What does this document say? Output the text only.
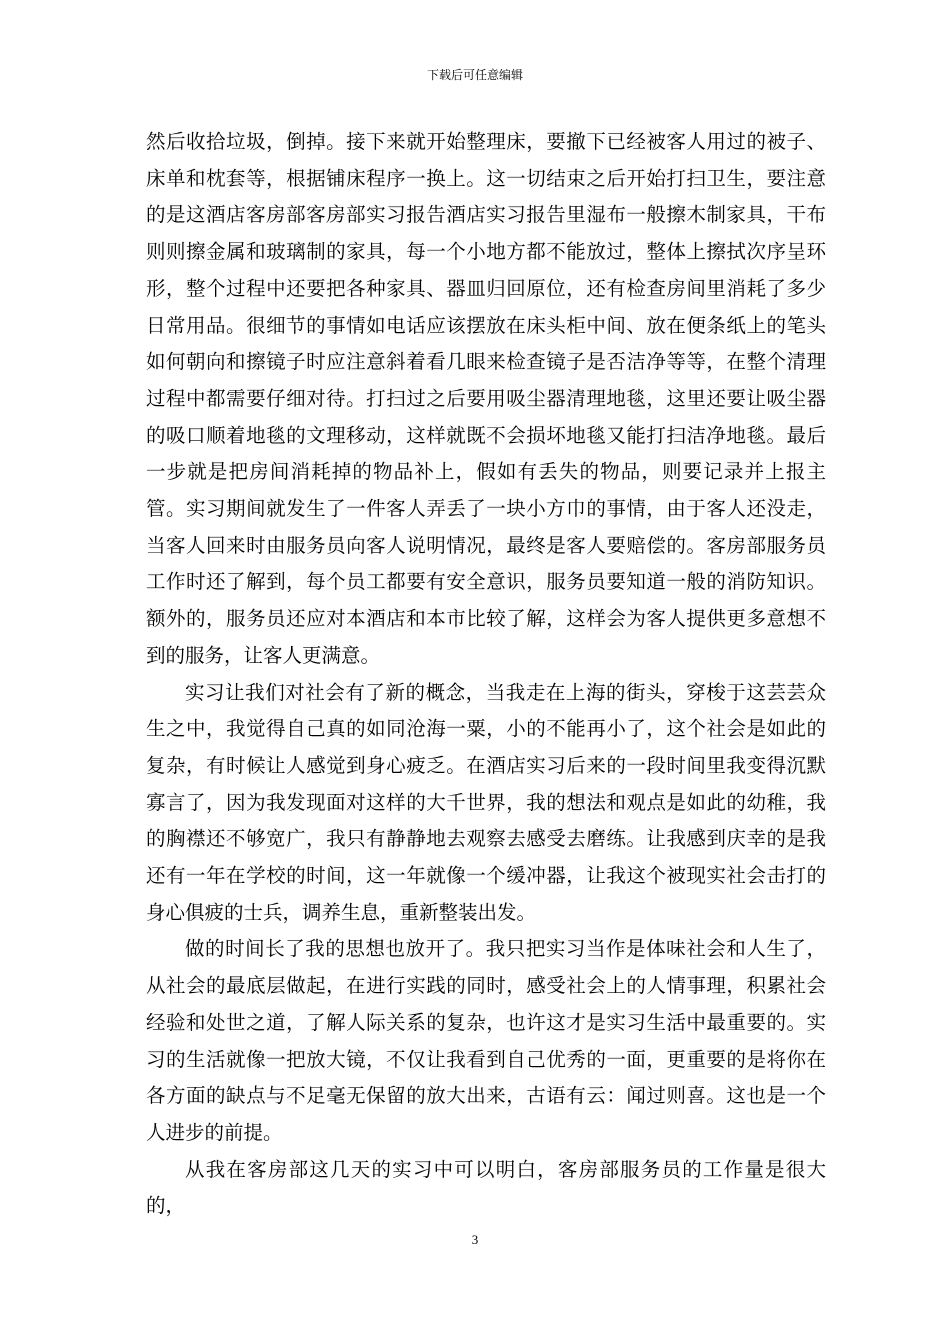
下载后可任意编辑

然后收拾垃圾，倒掉。接下来就开始整理床，要撤下已经被客人用过的被子、床单和枕套等，根据铺床程序一换上。这一切结束之后开始打扫卫生，要注意的是这酒店客房部客房部实习报告酒店实习报告里湿布一般擦木制家具，干布则则擦金属和玻璃制的家具，每一个小地方都不能放过，整体上擦拭次序呈环形，整个过程中还要把各种家具、器皿归回原位，还有检查房间里消耗了多少日常用品。很细节的事情如电话应该摆放在床头柜中间、放在便条纸上的笔头如何朝向和擦镜子时应注意斜着看几眼来检查镜子是否洁净等等，在整个清理过程中都需要仔细对待。打扫过之后要用吸尘器清理地毯，这里还要让吸尘器的吸口顺着地毯的文理移动，这样就既不会损坏地毯又能打扫洁净地毯。最后一步就是把房间消耗掉的物品补上，假如有丢失的物品，则要记录并上报主管。实习期间就发生了一件客人弄丢了一块小方巾的事情，由于客人还没走，当客人回来时由服务员向客人说明情况，最终是客人要赔偿的。客房部服务员工作时还了解到，每个员工都要有安全意识，服务员要知道一般的消防知识。额外的，服务员还应对本酒店和本市比较了解，这样会为客人提供更多意想不到的服务，让客人更满意。

实习让我们对社会有了新的概念，当我走在上海的街头，穿梭于这芸芸众生之中，我觉得自己真的如同沧海一粟，小的不能再小了，这个社会是如此的复杂，有时候让人感觉到身心疲乏。在酒店实习后来的一段时间里我变得沉默寡言了，因为我发现面对这样的大千世界，我的想法和观点是如此的幼稚，我的胸襟还不够宽广，我只有静静地去观察去感受去磨练。让我感到庆幸的是我还有一年在学校的时间，这一年就像一个缓冲器，让我这个被现实社会击打的身心俱疲的士兵，调养生息，重新整装出发。

做的时间长了我的思想也放开了。我只把实习当作是体味社会和人生了，从社会的最底层做起，在进行实践的同时，感受社会上的人情事理，积累社会经验和处世之道，了解人际关系的复杂，也许这才是实习生活中最重要的。实习的生活就像一把放大镜，不仅让我看到自己优秀的一面，更重要的是将你在各方面的缺点与不足毫无保留的放大出来，古语有云：闻过则喜。这也是一个人进步的前提。

从我在客房部这几天的实习中可以明白，客房部服务员的工作量是很大的，

3
